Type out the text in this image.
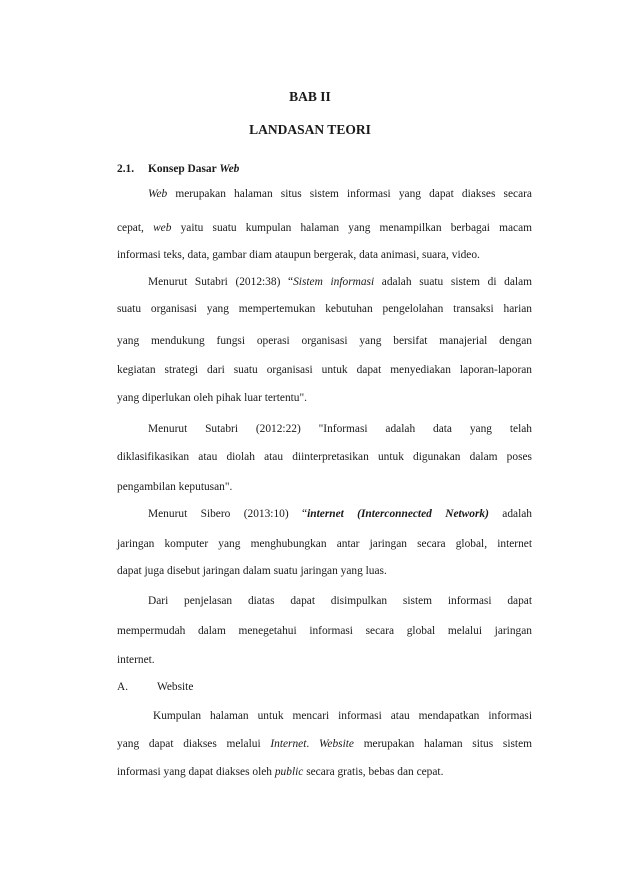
BAB II
LANDASAN TEORI
2.1. Konsep Dasar Web
Web merupakan halaman situs sistem informasi yang dapat diakses secara
cepat, web yaitu suatu kumpulan halaman yang menampilkan berbagai macam
informasi teks, data, gambar diam ataupun bergerak, data animasi, suara, video.
Menurut Sutabri (2012:38) “Sistem informasi adalah suatu sistem di dalam
suatu organisasi yang mempertemukan kebutuhan pengelolahan transaksi harian
yang mendukung fungsi operasi organisasi yang bersifat manajerial dengan
kegiatan strategi dari suatu organisasi untuk dapat menyediakan laporan-laporan
yang diperlukan oleh pihak luar tertentu".
Menurut Sutabri (2012:22) "Informasi adalah data yang telah
diklasifikasikan atau diolah atau diinterpretasikan untuk digunakan dalam poses
pengambilan keputusan".
Menurut Sibero (2013:10) “internet (Interconnected Network) adalah
jaringan komputer yang menghubungkan antar jaringan secara global, internet
dapat juga disebut jaringan dalam suatu jaringan yang luas.
Dari penjelasan diatas dapat disimpulkan sistem informasi dapat
mempermudah dalam menegetahui informasi secara global melalui jaringan
internet.
A.	Website
Kumpulan halaman untuk mencari informasi atau mendapatkan informasi
yang dapat diakses melalui Internet. Website merupakan halaman situs sistem
informasi yang dapat diakses oleh public secara gratis, bebas dan cepat.
